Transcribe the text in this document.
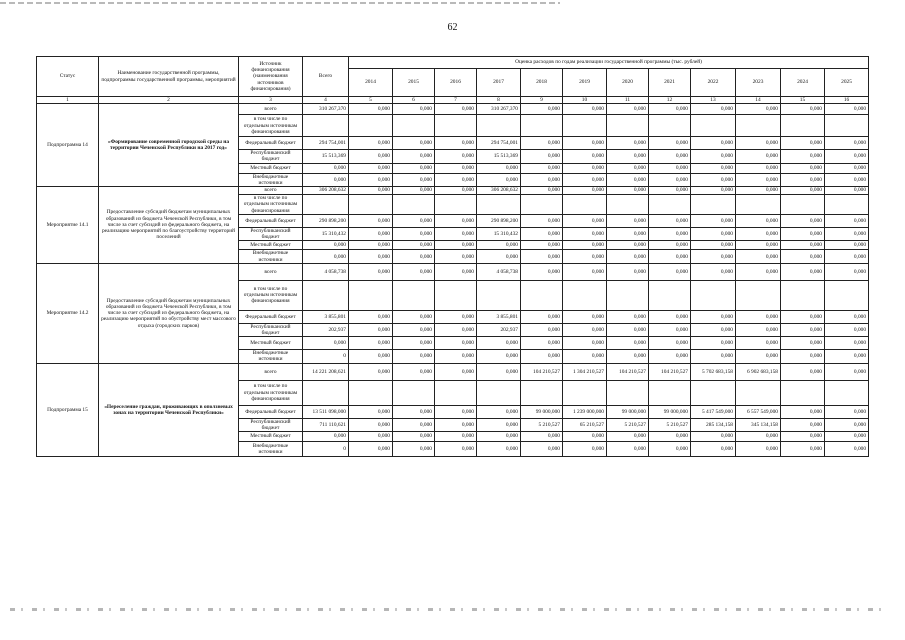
62
Статус	Наименование государственной программы, подпрограммы государственной программы, мероприятий	Источник финансирования (наименования источников финансирования)	Всего	Оценка расходов по годам реализации государственной программы (тыс. рублей)											
				2014	2015	2016	2017	2018	2019	2020	2021	2022	2023	2024	2025
1	2	3	4	5	6	7	8	9	10	11	12	13	14	15	16
Подпрограмма 14	«Формирование современной городской среды на территории Чеченской Республики на 2017 год»	всего	310 267,370	0,000	0,000	0,000	310 267,370	0,000	0,000	0,000	0,000	0,000	0,000	0,000	0,000
		в том числе по отдельным источникам финансирования													
		Федеральный бюджет	294 754,001	0,000	0,000	0,000	294 754,001	0,000	0,000	0,000	0,000	0,000	0,000	0,000	0,000
		Республиканский бюджет	15 513,369	0,000	0,000	0,000	15 513,369	0,000	0,000	0,000	0,000	0,000	0,000	0,000	0,000
		Местный бюджет	0,000	0,000	0,000	0,000	0,000	0,000	0,000	0,000	0,000	0,000	0,000	0,000	0,000
		Внебюджетные источники	0,000	0,000	0,000	0,000	0,000	0,000	0,000	0,000	0,000	0,000	0,000	0,000	0,000
Мероприятие 14.1	Предоставление субсидий бюджетам муниципальных образований из бюджета Чеченской Республики, в том числе за счет субсидий из федерального бюджета, на реализацию мероприятий по благоустройству территорий поселений	всего	306 208,632	0,000	0,000	0,000	306 208,632	0,000	0,000	0,000	0,000	0,000	0,000	0,000	0,000
		в том числе по отдельным источникам финансирования													
		Федеральный бюджет	290 898,200	0,000	0,000	0,000	290 898,200	0,000	0,000	0,000	0,000	0,000	0,000	0,000	0,000
		Республиканский бюджет	15 310,432	0,000	0,000	0,000	15 310,432	0,000	0,000	0,000	0,000	0,000	0,000	0,000	0,000
		Местный бюджет	0,000	0,000	0,000	0,000	0,000	0,000	0,000	0,000	0,000	0,000	0,000	0,000	0,000
		Внебюджетные источники	0,000	0,000	0,000	0,000	0,000	0,000	0,000	0,000	0,000	0,000	0,000	0,000	0,000
Мероприятие 14.2	Предоставление субсидий бюджетам муниципальных образований из бюджета Чеченской Республики, в том числе за счет субсидий из федерального бюджета, на реализацию мероприятий по обустройству мест массового отдыха (городских парков)	всего	4 058,738	0,000	0,000	0,000	4 058,738	0,000	0,000	0,000	0,000	0,000	0,000	0,000	0,000
		в том числе по отдельным источникам финансирования													
		Федеральный бюджет	3 855,801	0,000	0,000	0,000	3 855,801	0,000	0,000	0,000	0,000	0,000	0,000	0,000	0,000
		Республиканский бюджет	202,937	0,000	0,000	0,000	202,937	0,000	0,000	0,000	0,000	0,000	0,000	0,000	0,000
		Местный бюджет	0,000	0,000	0,000	0,000	0,000	0,000	0,000	0,000	0,000	0,000	0,000	0,000	0,000
		Внебюджетные источники	0	0,000	0,000	0,000	0,000	0,000	0,000	0,000	0,000	0,000	0,000	0,000	0,000
Подпрограмма 15	«Переселение граждан, проживающих в оползневых зонах на территории Чеченской Республики»	всего	14 221 208,621	0,000	0,000	0,000	0,000	104 210,527	1 304 210,527	104 210,527	104 210,527	5 702 683,158	6 902 683,158	0,000	0,000
		в том числе по отдельным источникам финансирования													
		Федеральный бюджет	13 511 098,000	0,000	0,000	0,000	0,000	99 000,000	1 239 000,000	99 000,000	99 000,000	5 417 549,000	6 557 549,000	0,000	0,000
		Республиканский бюджет	711 110,621	0,000	0,000	0,000	0,000	5 210,527	65 210,527	5 210,527	5 210,527	285 134,158	345 134,158	0,000	0,000
		Местный бюджет	0,000	0,000	0,000	0,000	0,000	0,000	0,000	0,000	0,000	0,000	0,000	0,000	0,000
		Внебюджетные источники	0	0,000	0,000	0,000	0,000	0,000	0,000	0,000	0,000	0,000	0,000	0,000	0,000
